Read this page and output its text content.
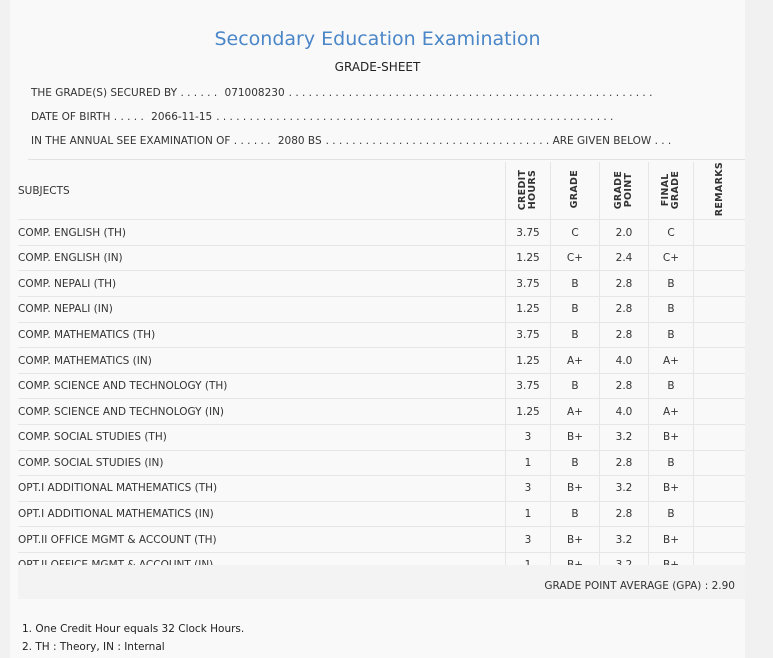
Secondary Education Examination
GRADE-SHEET
THE GRADE(S) SECURED BY . . . . . . 071008230 . . . . . . . . . . . . . . . . . . . . . . . . . . . . . . . . . . . . . . . . . . . . . . . . . . . . . . .
DATE OF BIRTH . . . . . 2066-11-15 . . . . . . . . . . . . . . . . . . . . . . . . . . . . . . . . . . . . . . . . . . . . . . . . . . . . . . . . . . . .
IN THE ANNUAL SEE EXAMINATION OF . . . . . . 2080 BS . . . . . . . . . . . . . . . . . . . . . . . . . . . . . . . . . . ARE GIVEN BELOW . . .
SUBJECTS	CREDIT HOURS	GRADE	GRADE POINT	FINAL GRADE	REMARKS
COMP. ENGLISH (TH)	3.75	C	2.0	C	
COMP. ENGLISH (IN)	1.25	C+	2.4	C+	
COMP. NEPALI (TH)	3.75	B	2.8	B	
COMP. NEPALI (IN)	1.25	B	2.8	B	
COMP. MATHEMATICS (TH)	3.75	B	2.8	B	
COMP. MATHEMATICS (IN)	1.25	A+	4.0	A+	
COMP. SCIENCE AND TECHNOLOGY (TH)	3.75	B	2.8	B	
COMP. SCIENCE AND TECHNOLOGY (IN)	1.25	A+	4.0	A+	
COMP. SOCIAL STUDIES (TH)	3	B+	3.2	B+	
COMP. SOCIAL STUDIES (IN)	1	B	2.8	B	
OPT.I ADDITIONAL MATHEMATICS (TH)	3	B+	3.2	B+	
OPT.I ADDITIONAL MATHEMATICS (IN)	1	B	2.8	B	
OPT.II OFFICE MGMT & ACCOUNT (TH)	3	B+	3.2	B+	

GRADE POINT AVERAGE (GPA) : 2.90
1. One Credit Hour equals 32 Clock Hours.
2. TH : Theory, IN : Internal
